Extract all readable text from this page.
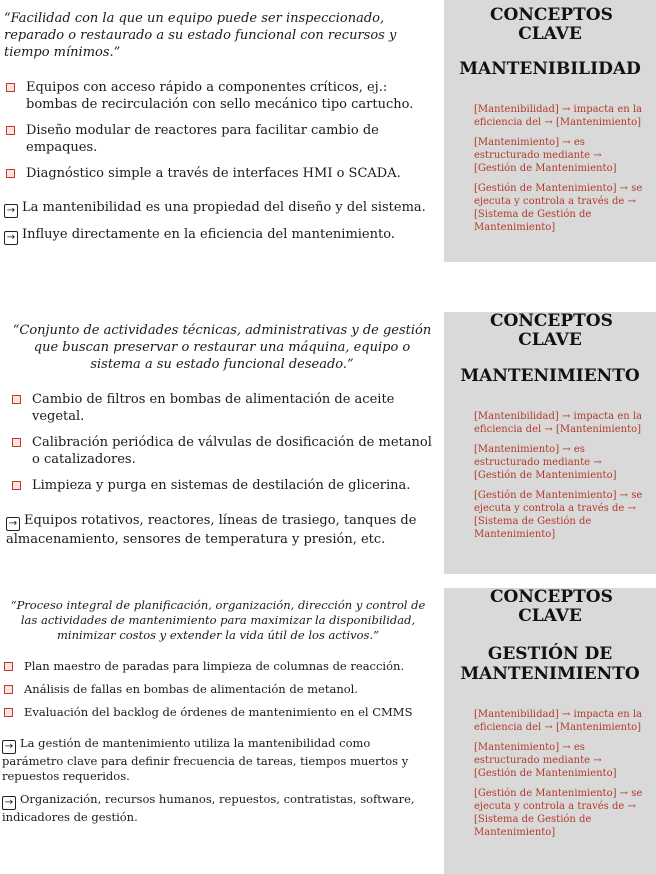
“Facilidad con la que un equipo puede ser inspeccionado, reparado o restaurado a su estado funcional con recursos y tiempo mínimos.”

Equipos con acceso rápido a componentes críticos, ej.: bombas de recirculación con sello mecánico tipo cartucho.
Diseño modular de reactores para facilitar cambio de empaques.
Diagnóstico simple a través de interfaces HMI o SCADA.

→ La mantenibilidad es una propiedad del diseño y del sistema.

→ Influye directamente en la eficiencia del mantenimiento.

CONCEPTOS CLAVE
MANTENIBILIDAD
[Mantenibilidad] → impacta en la eficiencia del → [Mantenimiento]
[Mantenimiento] → es estructurado mediante → [Gestión de Mantenimiento]
[Gestión de Mantenimiento] → se ejecuta y controla a través de → [Sistema de Gestión de Mantenimiento]

“Conjunto de actividades técnicas, administrativas y de gestión que buscan preservar o restaurar una máquina, equipo o sistema a su estado funcional deseado.”

Cambio de filtros en bombas de alimentación de aceite vegetal.
Calibración periódica de válvulas de dosificación de metanol o catalizadores.
Limpieza y purga en sistemas de destilación de glicerina.

→ Equipos rotativos, reactores, líneas de trasiego, tanques de almacenamiento, sensores de temperatura y presión, etc.

CONCEPTOS CLAVE
MANTENIMIENTO
[Mantenibilidad] → impacta en la eficiencia del → [Mantenimiento]
[Mantenimiento] → es estructurado mediante → [Gestión de Mantenimiento]
[Gestión de Mantenimiento] → se ejecuta y controla a través de → [Sistema de Gestión de Mantenimiento]

“Proceso integral de planificación, organización, dirección y control de las actividades de mantenimiento para maximizar la disponibilidad, minimizar costos y extender la vida útil de los activos.”

Plan maestro de paradas para limpieza de columnas de reacción.
Análisis de fallas en bombas de alimentación de metanol.
Evaluación del backlog de órdenes de mantenimiento en el CMMS

→ La gestión de mantenimiento utiliza la mantenibilidad como parámetro clave para definir frecuencia de tareas, tiempos muertos y repuestos requeridos.

→ Organización, recursos humanos, repuestos, contratistas, software, indicadores de gestión.

CONCEPTOS CLAVE
GESTIÓN DE MANTENIMIENTO
[Mantenibilidad] → impacta en la eficiencia del → [Mantenimiento]
[Mantenimiento] → es estructurado mediante → [Gestión de Mantenimiento]
[Gestión de Mantenimiento] → se ejecuta y controla a través de → [Sistema de Gestión de Mantenimiento]
